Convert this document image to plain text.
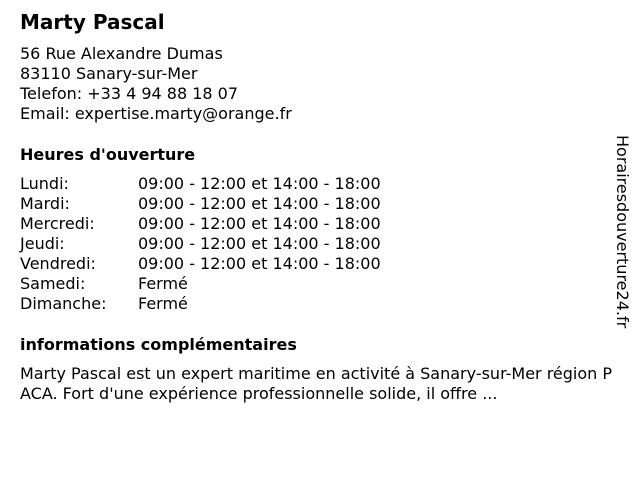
Marty Pascal
56 Rue Alexandre Dumas
83110 Sanary-sur-Mer
Telefon: +33 4 94 88 18 07
Email: expertise.marty@orange.fr
Heures d'ouverture
Lundi:	09:00 - 12:00 et 14:00 - 18:00
Mardi:	09:00 - 12:00 et 14:00 - 18:00
Mercredi:	09:00 - 12:00 et 14:00 - 18:00
Jeudi:	09:00 - 12:00 et 14:00 - 18:00
Vendredi:	09:00 - 12:00 et 14:00 - 18:00
Samedi:	Fermé
Dimanche: Fermé
informations complémentaires

Marty Pascal est un expert maritime en activité à Sanary-sur-Mer région PACA. Fort d'une expérience professionnelle solide, il offre ...

Horairesdouverture24.fr
